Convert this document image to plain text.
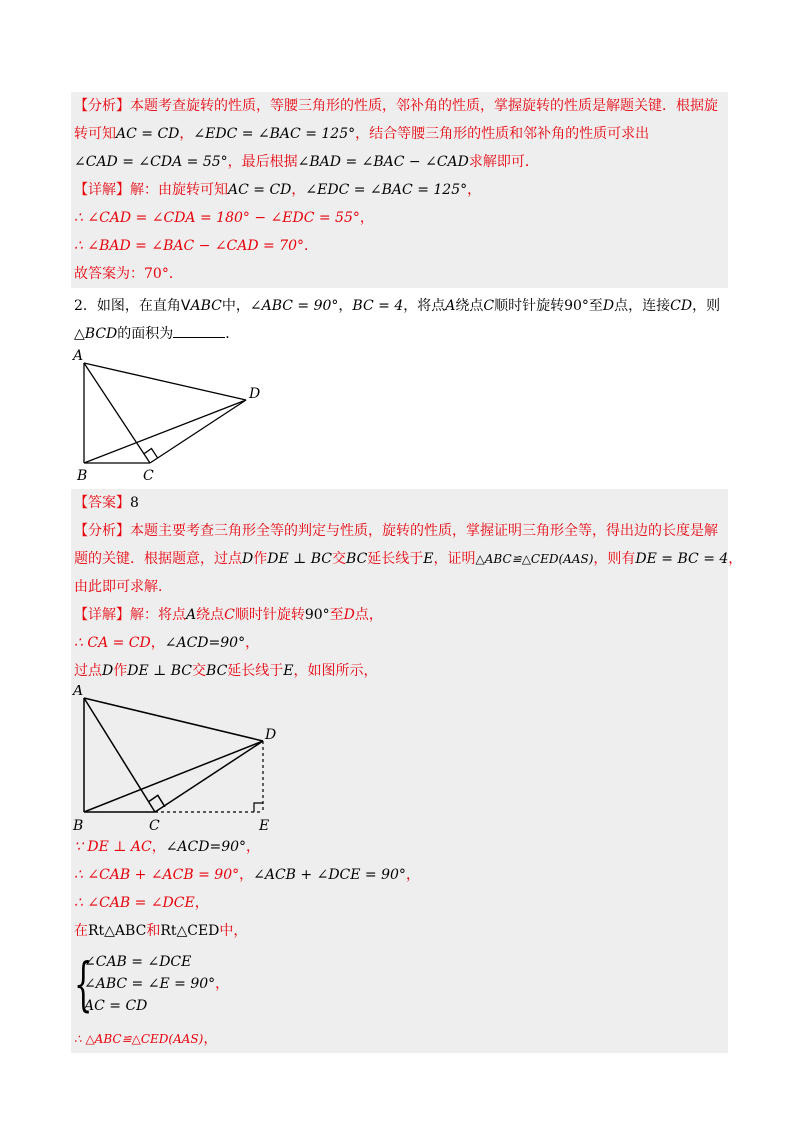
【分析】本题考查旋转的性质，等腰三角形的性质，邻补角的性质，掌握旋转的性质是解题关键．根据旋
转可知AC = CD，∠EDC = ∠BAC = 125°，结合等腰三角形的性质和邻补角的性质可求出
∠CAD = ∠CDA = 55°，最后根据∠BAD = ∠BAC − ∠CAD求解即可．
【详解】解：由旋转可知AC = CD，∠EDC = ∠BAC = 125°，
∴ ∠CAD = ∠CDA = 180° − ∠EDC = 55°，
∴ ∠BAD = ∠BAC − ∠CAD = 70°．
故答案为：70°．
2．如图，在直角VABC中，∠ABC = 90°，BC = 4，将点A绕点C顺时针旋转90°至D点，连接CD，则
△BCD的面积为	．
A
D
B	C
【答案】8
【分析】本题主要考查三角形全等的判定与性质，旋转的性质，掌握证明三角形全等，得出边的长度是解
题的关键．根据题意，过点D作DE ⊥ BC交BC延长线于E，证明△ABC≌△CED(AAS)，则有DE = BC = 4，
由此即可求解．
【详解】解：将点A绕点C顺时针旋转90°至D点，
∴ CA = CD，∠ACD=90°，
过点D作DE ⊥ BC交BC延长线于E，如图所示，
A
D
B	C	E
∵ DE ⊥ AC，∠ACD=90°，
∴ ∠CAB + ∠ACB = 90°，∠ACB + ∠DCE = 90°，
∴ ∠CAB = ∠DCE，
在Rt△ABC和Rt△CED中，
{
∠CAB = ∠DCE
∠ABC = ∠E = 90°，
AC = CD
∴ △ABC≌△CED(AAS)，
